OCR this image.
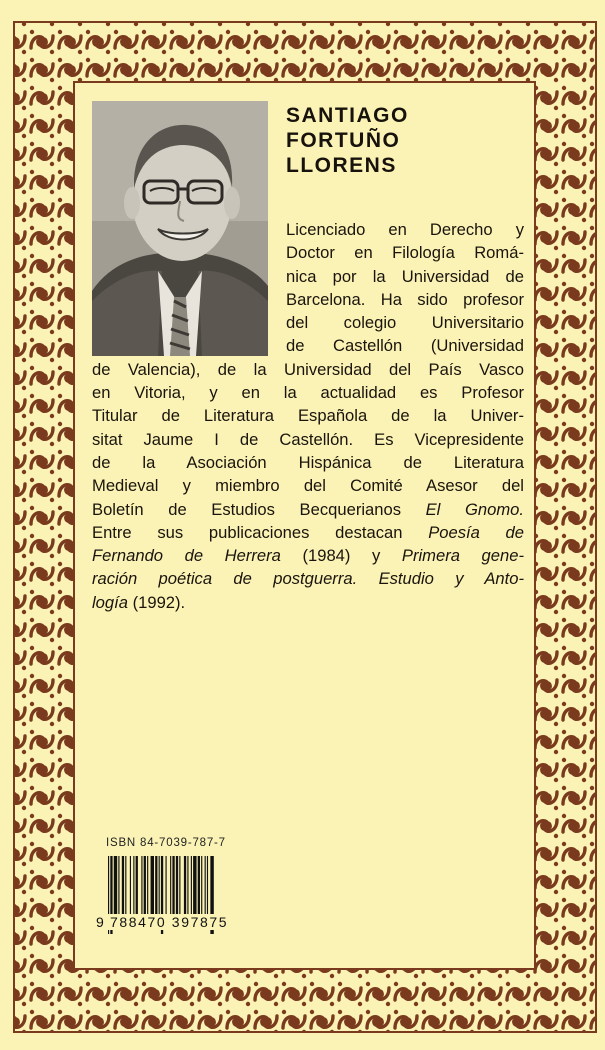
SANTIAGO
FORTUÑO
LLORENS
Licenciado en Derecho y
Doctor en Filología Romá-
nica por la Universidad de
Barcelona. Ha sido profesor
del colegio Universitario
de Castellón (Universidad
de Valencia), de la Universidad del País Vasco
en Vitoria, y en la actualidad es Profesor
Titular de Literatura Española de la Univer-
sitat Jaume I de Castellón. Es Vicepresidente
de la Asociación Hispánica de Literatura
Medieval y miembro del Comité Asesor del
Boletín de Estudios Becquerianos El Gnomo.
Entre sus publicaciones destacan Poesía de
Fernando de Herrera (1984) y Primera gene-
ración poética de postguerra. Estudio y Anto-
logía (1992).
ISBN 84-7039-787-7
9 788470 397875
